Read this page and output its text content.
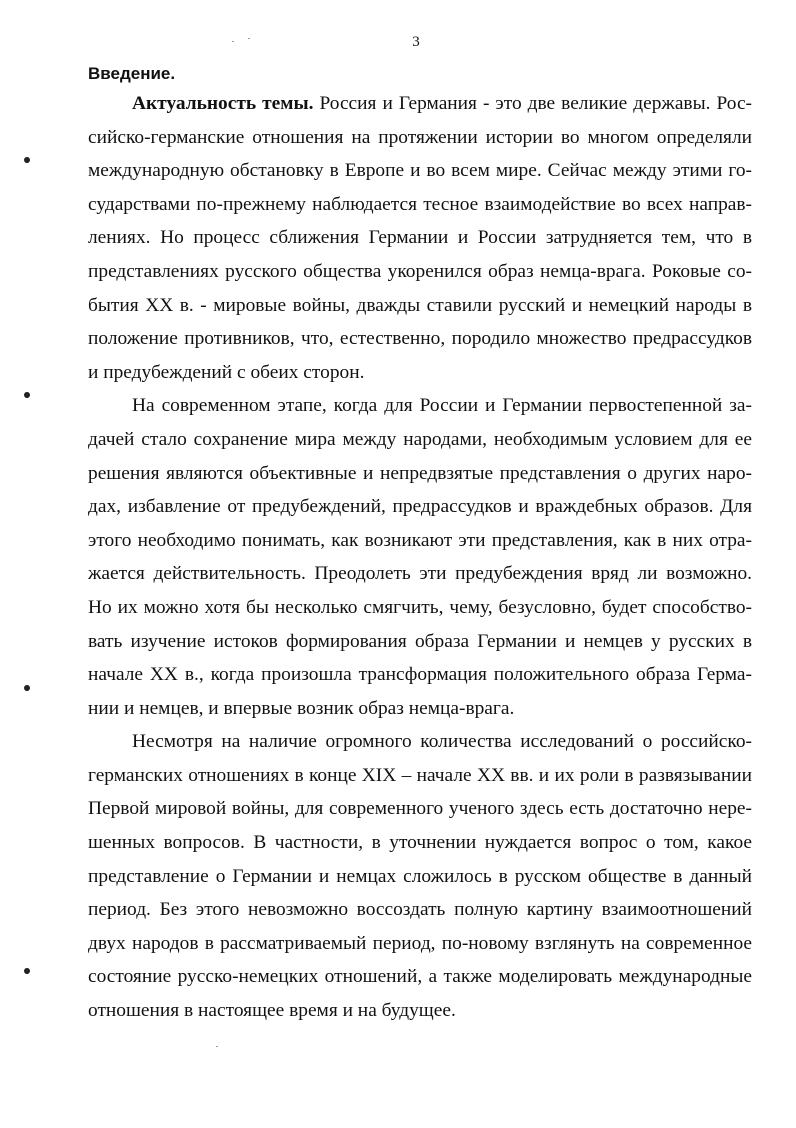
3
Введение.
Актуальность темы. Россия и Германия - это две великие державы. Рос-
сийско-германские отношения на протяжении истории во многом определяли
международную обстановку в Европе и во всем мире. Сейчас между этими го-
сударствами по-прежнему наблюдается тесное взаимодействие во всех направ-
лениях. Но процесс сближения Германии и России затрудняется тем, что в
представлениях русского общества укоренился образ немца-врага. Роковые со-
бытия XX в. - мировые войны, дважды ставили русский и немецкий народы в
положение противников, что, естественно, породило множество предрассудков
и предубеждений с обеих сторон.
На современном этапе, когда для России и Германии первостепенной за-
дачей стало сохранение мира между народами, необходимым условием для ее
решения являются объективные и непредвзятые представления о других наро-
дах, избавление от предубеждений, предрассудков и враждебных образов. Для
этого необходимо понимать, как возникают эти представления, как в них отра-
жается действительность. Преодолеть эти предубеждения вряд ли возможно.
Но их можно хотя бы несколько смягчить, чему, безусловно, будет способство-
вать изучение истоков формирования образа Германии и немцев у русских в
начале XX в., когда произошла трансформация положительного образа Герма-
нии и немцев, и впервые возник образ немца-врага.
Несмотря на наличие огромного количества исследований о российско-
германских отношениях в конце XIX – начале XX вв. и их роли в развязывании
Первой мировой войны, для современного ученого здесь есть достаточно нере-
шенных вопросов. В частности, в уточнении нуждается вопрос о том, какое
представление о Германии и немцах сложилось в русском обществе в данный
период. Без этого невозможно воссоздать полную картину взаимоотношений
двух народов в рассматриваемый период, по-новому взглянуть на современное
состояние русско-немецких отношений, а также моделировать международные
отношения в настоящее время и на будущее.
